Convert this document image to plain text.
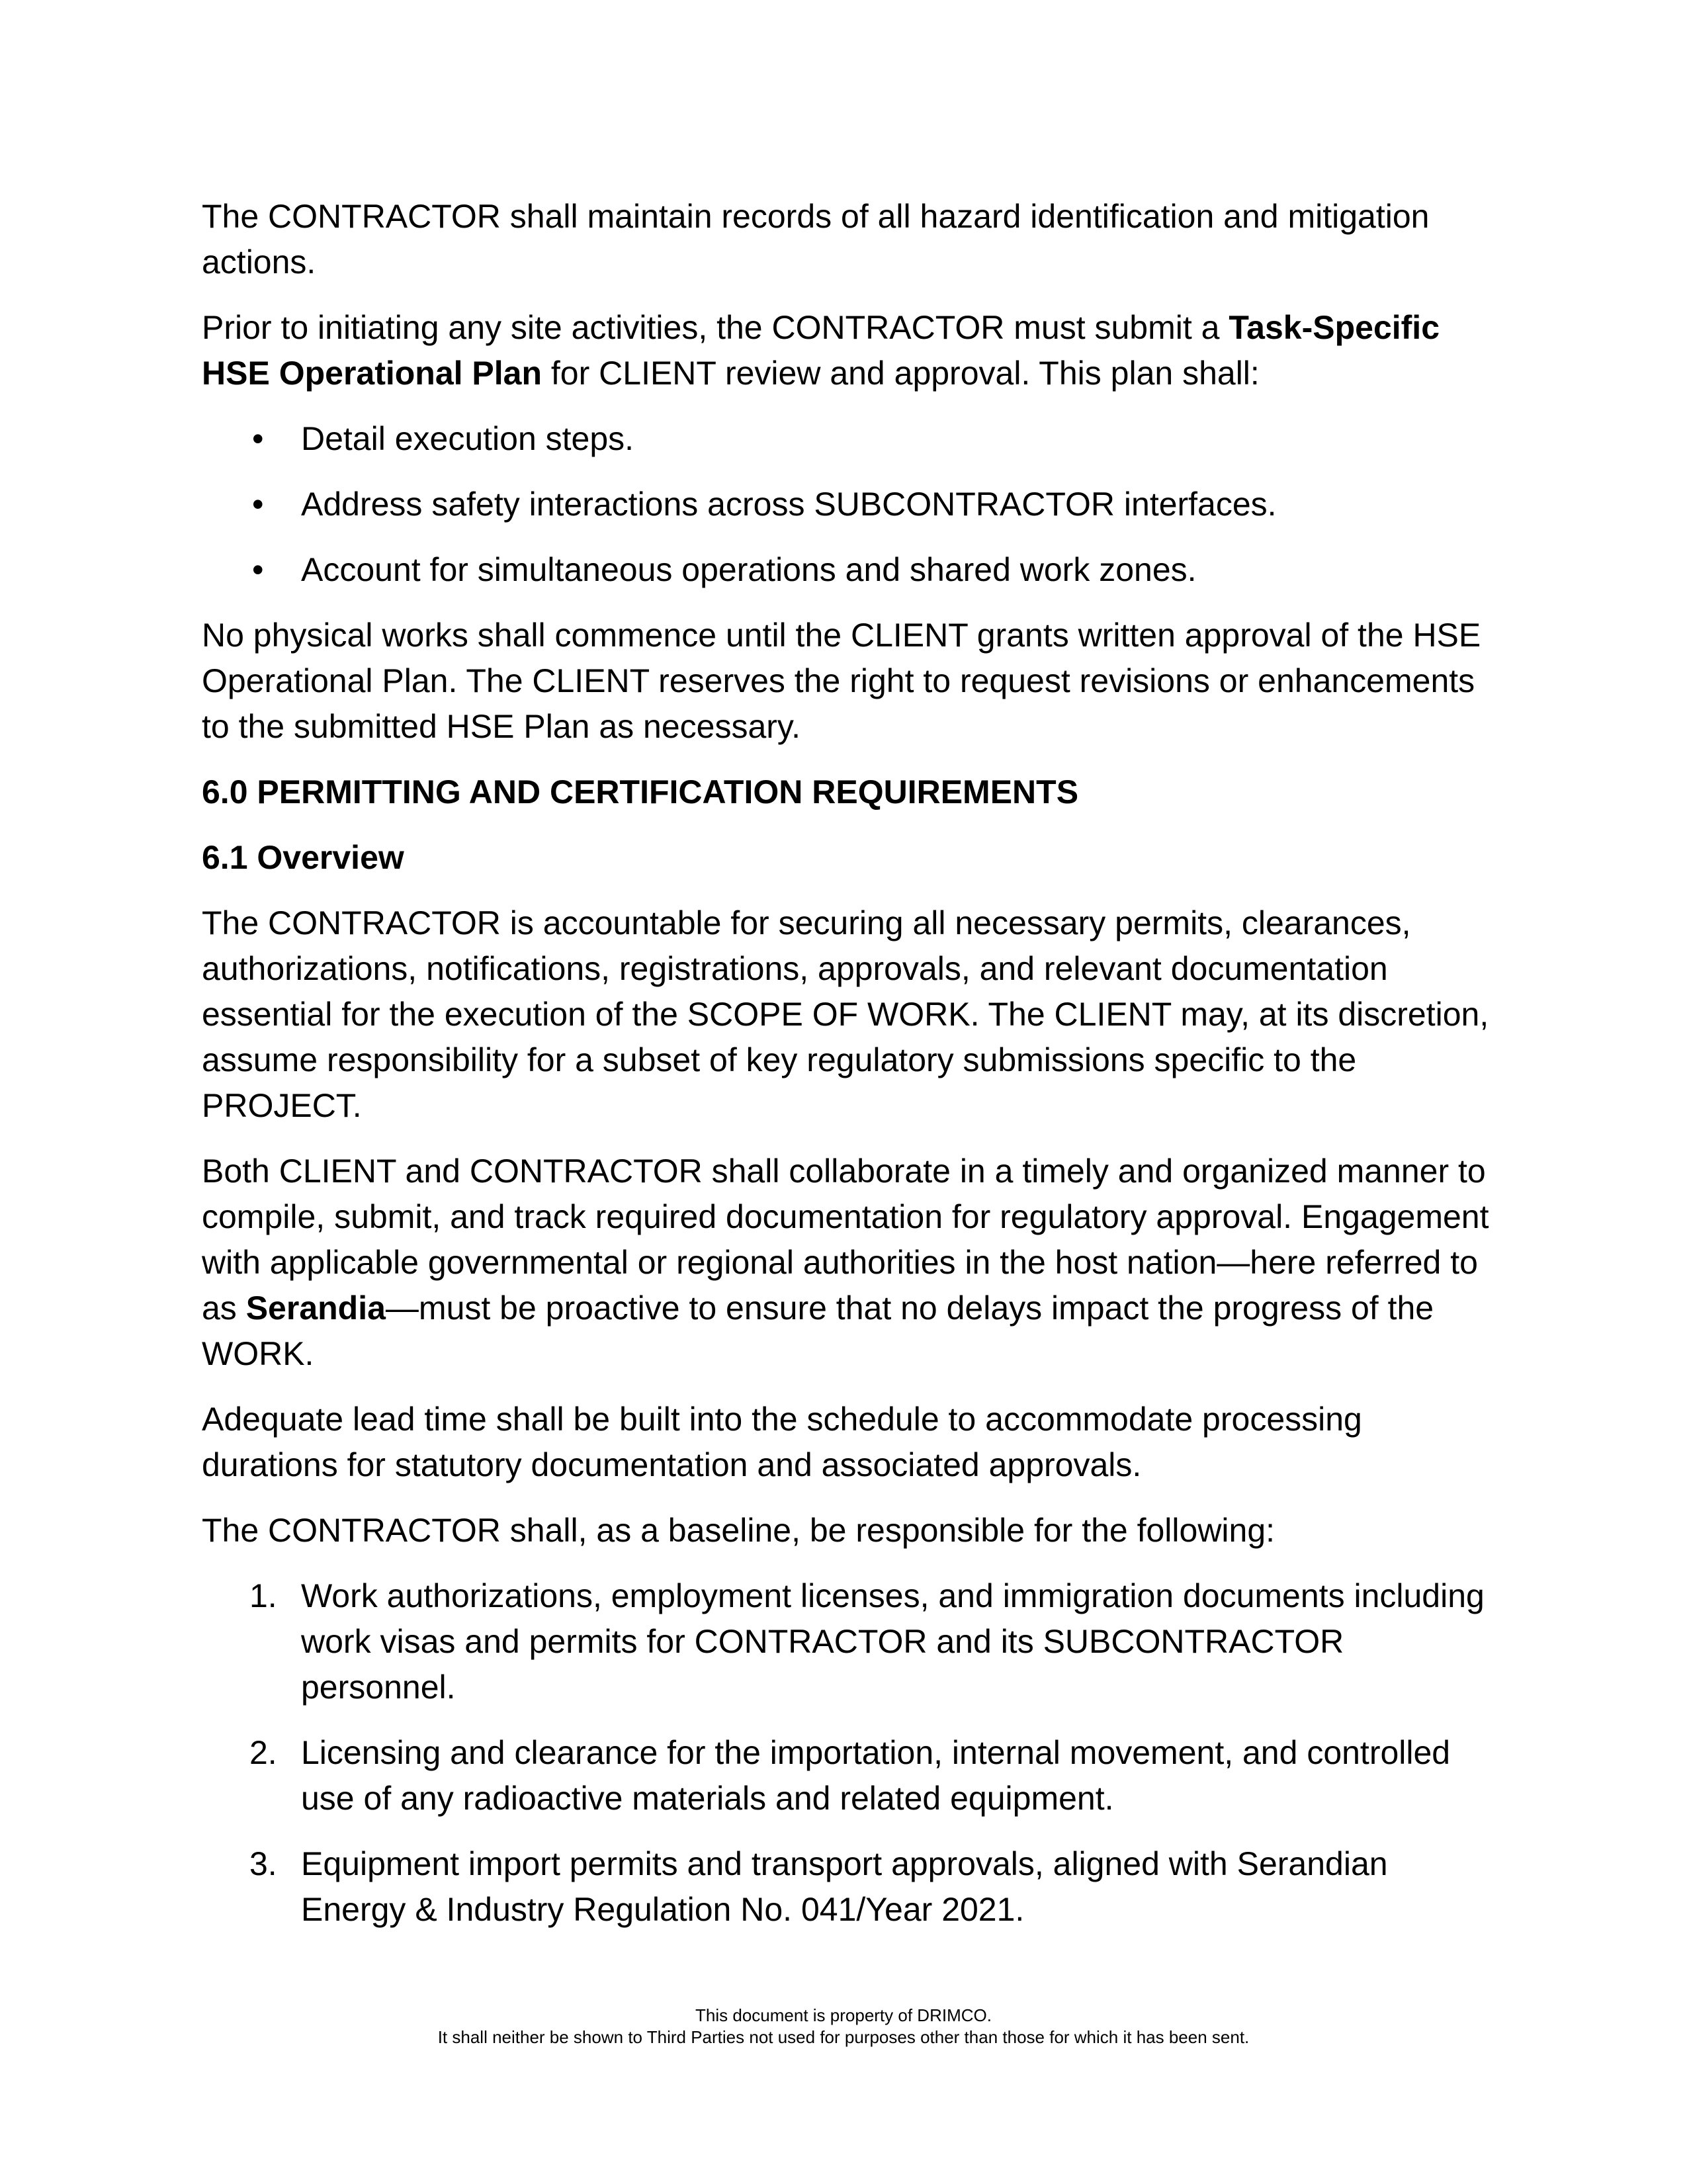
The CONTRACTOR shall maintain records of all hazard identification and mitigation actions.

Prior to initiating any site activities, the CONTRACTOR must submit a Task-Specific HSE Operational Plan for CLIENT review and approval. This plan shall:

• Detail execution steps.
• Address safety interactions across SUBCONTRACTOR interfaces.
• Account for simultaneous operations and shared work zones.

No physical works shall commence until the CLIENT grants written approval of the HSE Operational Plan. The CLIENT reserves the right to request revisions or enhancements to the submitted HSE Plan as necessary.

6.0 PERMITTING AND CERTIFICATION REQUIREMENTS

6.1 Overview

The CONTRACTOR is accountable for securing all necessary permits, clearances, authorizations, notifications, registrations, approvals, and relevant documentation essential for the execution of the SCOPE OF WORK. The CLIENT may, at its discretion, assume responsibility for a subset of key regulatory submissions specific to the PROJECT.

Both CLIENT and CONTRACTOR shall collaborate in a timely and organized manner to compile, submit, and track required documentation for regulatory approval. Engagement with applicable governmental or regional authorities in the host nation—here referred to as Serandia—must be proactive to ensure that no delays impact the progress of the WORK.

Adequate lead time shall be built into the schedule to accommodate processing durations for statutory documentation and associated approvals.

The CONTRACTOR shall, as a baseline, be responsible for the following:

1. Work authorizations, employment licenses, and immigration documents including work visas and permits for CONTRACTOR and its SUBCONTRACTOR personnel.
2. Licensing and clearance for the importation, internal movement, and controlled use of any radioactive materials and related equipment.
3. Equipment import permits and transport approvals, aligned with Serandian Energy & Industry Regulation No. 041/Year 2021.
This document is property of DRIMCO.
It shall neither be shown to Third Parties not used for purposes other than those for which it has been sent.
